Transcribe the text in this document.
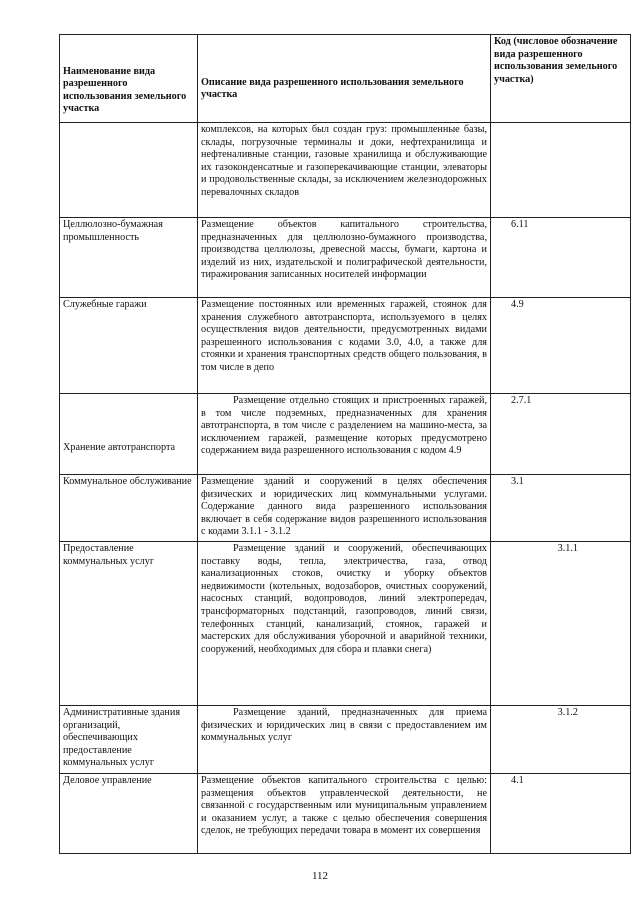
Наименование вида разрешенного использования земельного участка	Описание вида разрешенного использования земельного участка	Код (числовое обозначение вида разрешенного использования земельного участка)
	комплексов, на которых был создан груз: промышленные базы, склады, погрузочные терминалы и доки, нефтехранилища и нефтеналивные станции, газовые хранилища и обслуживающие их газоконденсатные и газоперекачивающие станции, элеваторы и продовольственные склады, за исключением железнодорожных перевалочных складов	
Целлюлозно-бумажная промышленность	Размещение объектов капитального строительства, предназначенных для целлюлозно-бумажного производства, производства целлюлозы, древесной массы, бумаги, картона и изделий из них, издательской и полиграфической деятельности, тиражирования записанных носителей информации	6.11
Служебные гаражи	Размещение постоянных или временных гаражей, стоянок для хранения служебного автотранспорта, используемого в целях осуществления видов деятельности, предусмотренных видами разрешенного использования с кодами 3.0, 4.0, а также для стоянки и хранения транспортных средств общего пользования, в том числе в депо	4.9
Хранение автотранспорта	Размещение отдельно стоящих и пристроенных гаражей, в том числе подземных, предназначенных для хранения автотранспорта, в том числе с разделением на машино-места, за исключением гаражей, размещение которых предусмотрено содержанием вида разрешенного использования с кодом 4.9	2.7.1
Коммунальное обслуживание	Размещение зданий и сооружений в целях обеспечения физических и юридических лиц коммунальными услугами. Содержание данного вида разрешенного использования включает в себя содержание видов разрешенного использования с кодами 3.1.1 - 3.1.2	3.1
Предоставление коммунальных услуг	Размещение зданий и сооружений, обеспечивающих поставку воды, тепла, электричества, газа, отвод канализационных стоков, очистку и уборку объектов недвижимости (котельных, водозаборов, очистных сооружений, насосных станций, водопроводов, линий электропередач, трансформаторных подстанций, газопроводов, линий связи, телефонных станций, канализаций, стоянок, гаражей и мастерских для обслуживания уборочной и аварийной техники, сооружений, необходимых для сбора и плавки снега)	3.1.1
Административные здания организаций, обеспечивающих предоставление коммунальных услуг	Размещение зданий, предназначенных для приема физических и юридических лиц в связи с предоставлением им коммунальных услуг	3.1.2
Деловое управление	Размещение объектов капитального строительства с целью: размещения объектов управленческой деятельности, не связанной с государственным или муниципальным управлением и оказанием услуг, а также с целью обеспечения совершения сделок, не требующих передачи товара в момент их совершения	4.1
112
